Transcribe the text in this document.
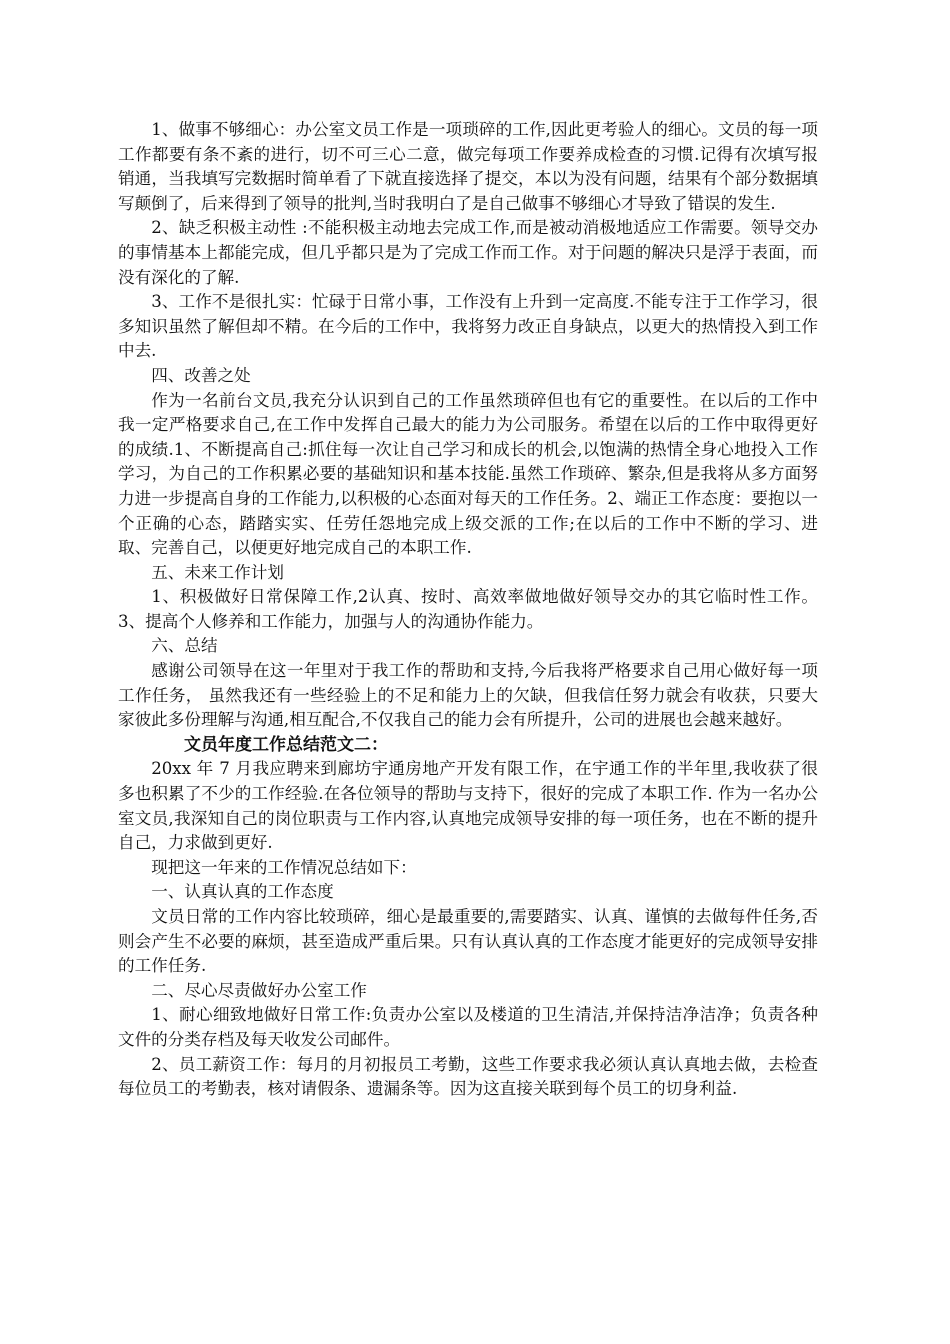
1、做事不够细心：办公室文员工作是一项琐碎的工作,因此更考验人的细心。文员的每一项工作都要有条不紊的进行，切不可三心二意，做完每项工作要养成检查的习惯.记得有次填写报销通，当我填写完数据时简单看了下就直接选择了提交，本以为没有问题，结果有个部分数据填写颠倒了，后来得到了领导的批判,当时我明白了是自己做事不够细心才导致了错误的发生.

2、缺乏积极主动性 :不能积极主动地去完成工作,而是被动消极地适应工作需要。领导交办的事情基本上都能完成，但几乎都只是为了完成工作而工作。对于问题的解决只是浮于表面，而没有深化的了解.

3、工作不是很扎实：忙碌于日常小事，工作没有上升到一定高度.不能专注于工作学习，很多知识虽然了解但却不精。在今后的工作中，我将努力改正自身缺点，以更大的热情投入到工作中去.

四、改善之处

作为一名前台文员,我充分认识到自己的工作虽然琐碎但也有它的重要性。在以后的工作中我一定严格要求自己,在工作中发挥自己最大的能力为公司服务。希望在以后的工作中取得更好的成绩.1、不断提高自己:抓住每一次让自己学习和成长的机会,以饱满的热情全身心地投入工作学习，为自己的工作积累必要的基础知识和基本技能.虽然工作琐碎、繁杂,但是我将从多方面努力进一步提高自身的工作能力,以积极的心态面对每天的工作任务。2、端正工作态度：要抱以一个正确的心态，踏踏实实、任劳任怨地完成上级交派的工作;在以后的工作中不断的学习、进取、完善自己，以便更好地完成自己的本职工作.

五、未来工作计划

1、积极做好日常保障工作,2认真、按时、高效率做地做好领导交办的其它临时性工作。3、提高个人修养和工作能力，加强与人的沟通协作能力。

六、总结

感谢公司领导在这一年里对于我工作的帮助和支持,今后我将严格要求自己用心做好每一项工作任务， 虽然我还有一些经验上的不足和能力上的欠缺，但我信任努力就会有收获，只要大家彼此多份理解与沟通,相互配合,不仅我自己的能力会有所提升，公司的进展也会越来越好。

文员年度工作总结范文二：

20xx 年 7 月我应聘来到廊坊宇通房地产开发有限工作，在宇通工作的半年里,我收获了很多也积累了不少的工作经验.在各位领导的帮助与支持下，很好的完成了本职工作. 作为一名办公室文员,我深知自己的岗位职责与工作内容,认真地完成领导安排的每一项任务，也在不断的提升自己，力求做到更好.

现把这一年来的工作情况总结如下：

一、认真认真的工作态度

文员日常的工作内容比较琐碎，细心是最重要的,需要踏实、认真、谨慎的去做每件任务,否则会产生不必要的麻烦，甚至造成严重后果。只有认真认真的工作态度才能更好的完成领导安排的工作任务.

二、尽心尽责做好办公室工作

1、耐心细致地做好日常工作:负责办公室以及楼道的卫生清洁,并保持洁净洁净；负责各种文件的分类存档及每天收发公司邮件。

2、员工薪资工作：每月的月初报员工考勤，这些工作要求我必须认真认真地去做，去检查每位员工的考勤表，核对请假条、遗漏条等。因为这直接关联到每个员工的切身利益.
